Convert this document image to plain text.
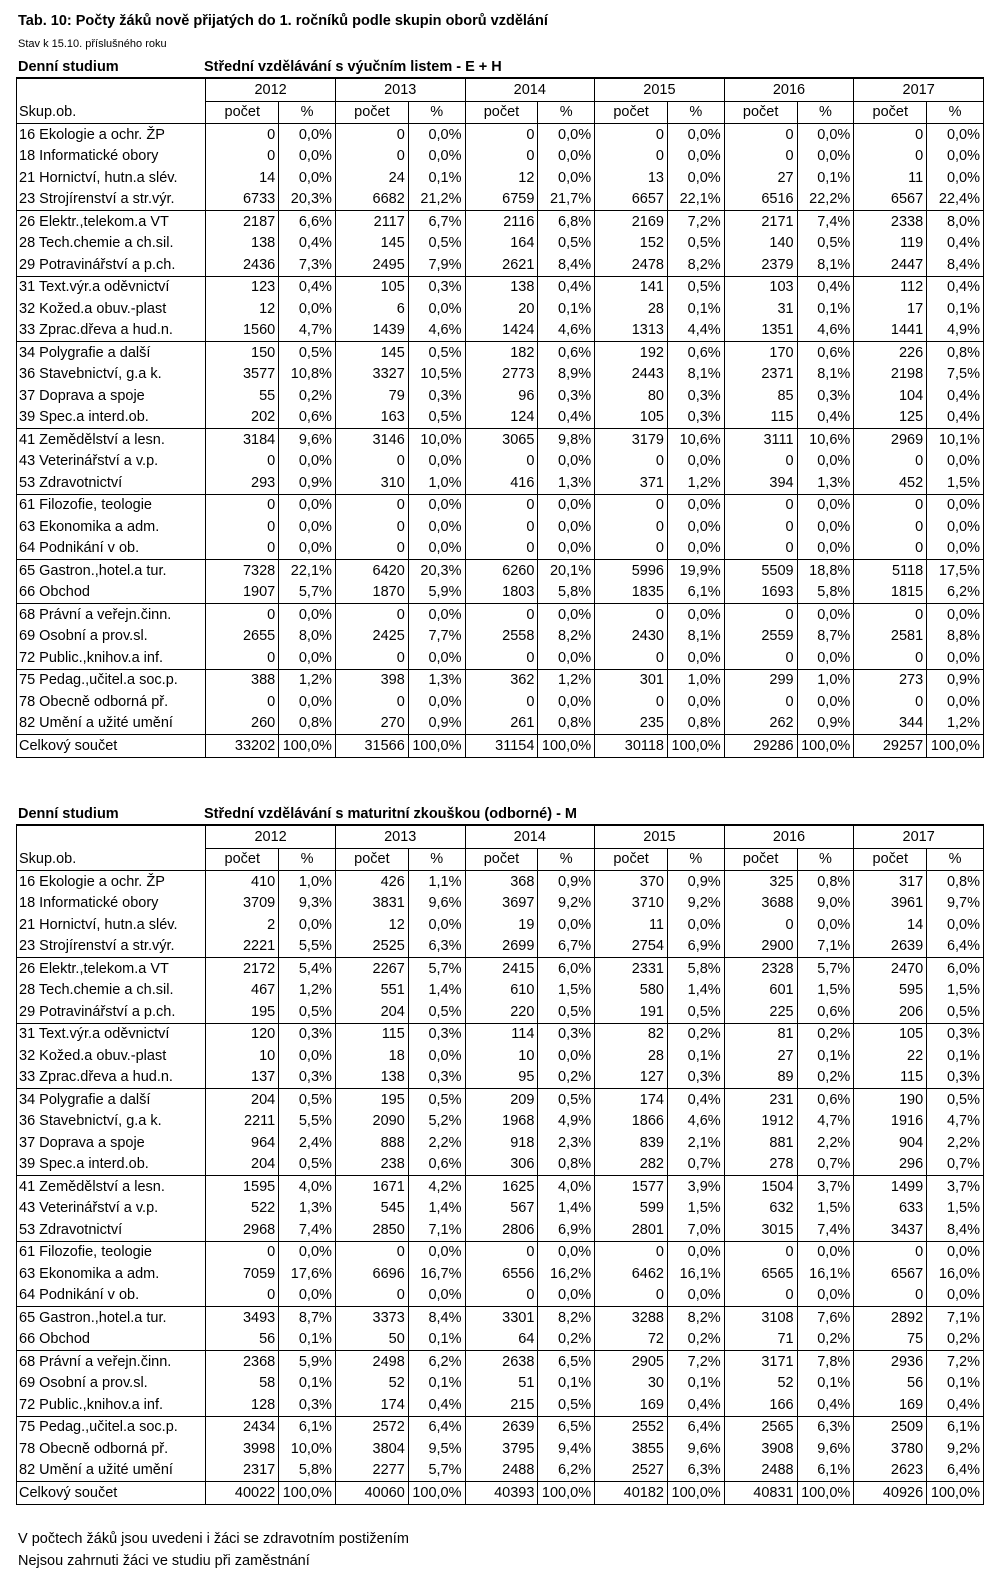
Tab. 10: Počty žáků nově přijatých do 1. ročníků podle skupin oborů vzdělání
Stav k 15.10. příslušného roku
Denní studium	Střední vzdělávání s výučním listem - E + H
	2012		2013		2014		2015		2016		2017	
Skup.ob.	počet	%	počet	%	počet	%	počet	%	počet	%	počet	%
16 Ekologie a ochr. ŽP	0	0,0%	0	0,0%	0	0,0%	0	0,0%	0	0,0%	0	0,0%
18 Informatické obory	0	0,0%	0	0,0%	0	0,0%	0	0,0%	0	0,0%	0	0,0%
21 Hornictví, hutn.a slév.	14	0,0%	24	0,1%	12	0,0%	13	0,0%	27	0,1%	11	0,0%
23 Strojírenství a str.výr.	6733	20,3%	6682	21,2%	6759	21,7%	6657	22,1%	6516	22,2%	6567	22,4%
26 Elektr.,telekom.a VT	2187	6,6%	2117	6,7%	2116	6,8%	2169	7,2%	2171	7,4%	2338	8,0%
28 Tech.chemie a ch.sil.	138	0,4%	145	0,5%	164	0,5%	152	0,5%	140	0,5%	119	0,4%
29 Potravinářství a p.ch.	2436	7,3%	2495	7,9%	2621	8,4%	2478	8,2%	2379	8,1%	2447	8,4%
31 Text.výr.a oděvnictví	123	0,4%	105	0,3%	138	0,4%	141	0,5%	103	0,4%	112	0,4%
32 Kožed.a obuv.-plast	12	0,0%	6	0,0%	20	0,1%	28	0,1%	31	0,1%	17	0,1%
33 Zprac.dřeva a hud.n.	1560	4,7%	1439	4,6%	1424	4,6%	1313	4,4%	1351	4,6%	1441	4,9%
34 Polygrafie a další	150	0,5%	145	0,5%	182	0,6%	192	0,6%	170	0,6%	226	0,8%
36 Stavebnictví, g.a k.	3577	10,8%	3327	10,5%	2773	8,9%	2443	8,1%	2371	8,1%	2198	7,5%
37 Doprava a spoje	55	0,2%	79	0,3%	96	0,3%	80	0,3%	85	0,3%	104	0,4%
39 Spec.a interd.ob.	202	0,6%	163	0,5%	124	0,4%	105	0,3%	115	0,4%	125	0,4%
41 Zemědělství a lesn.	3184	9,6%	3146	10,0%	3065	9,8%	3179	10,6%	3111	10,6%	2969	10,1%
43 Veterinářství a v.p.	0	0,0%	0	0,0%	0	0,0%	0	0,0%	0	0,0%	0	0,0%
53 Zdravotnictví	293	0,9%	310	1,0%	416	1,3%	371	1,2%	394	1,3%	452	1,5%
61 Filozofie, teologie	0	0,0%	0	0,0%	0	0,0%	0	0,0%	0	0,0%	0	0,0%
63 Ekonomika a adm.	0	0,0%	0	0,0%	0	0,0%	0	0,0%	0	0,0%	0	0,0%
64 Podnikání v ob.	0	0,0%	0	0,0%	0	0,0%	0	0,0%	0	0,0%	0	0,0%
65 Gastron.,hotel.a tur.	7328	22,1%	6420	20,3%	6260	20,1%	5996	19,9%	5509	18,8%	5118	17,5%
66 Obchod	1907	5,7%	1870	5,9%	1803	5,8%	1835	6,1%	1693	5,8%	1815	6,2%
68 Právní a veřejn.činn.	0	0,0%	0	0,0%	0	0,0%	0	0,0%	0	0,0%	0	0,0%
69 Osobní a prov.sl.	2655	8,0%	2425	7,7%	2558	8,2%	2430	8,1%	2559	8,7%	2581	8,8%
72 Public.,knihov.a inf.	0	0,0%	0	0,0%	0	0,0%	0	0,0%	0	0,0%	0	0,0%
75 Pedag.,učitel.a soc.p.	388	1,2%	398	1,3%	362	1,2%	301	1,0%	299	1,0%	273	0,9%
78 Obecně odborná př.	0	0,0%	0	0,0%	0	0,0%	0	0,0%	0	0,0%	0	0,0%
82 Umění a užité umění	260	0,8%	270	0,9%	261	0,8%	235	0,8%	262	0,9%	344	1,2%
Celkový součet	33202	100,0%	31566	100,0%	31154	100,0%	30118	100,0%	29286	100,0%	29257	100,0%
Denní studium	Střední vzdělávání s maturitní zkouškou (odborné) - M
	2012		2013		2014		2015		2016		2017	
Skup.ob.	počet	%	počet	%	počet	%	počet	%	počet	%	počet	%
16 Ekologie a ochr. ŽP	410	1,0%	426	1,1%	368	0,9%	370	0,9%	325	0,8%	317	0,8%
18 Informatické obory	3709	9,3%	3831	9,6%	3697	9,2%	3710	9,2%	3688	9,0%	3961	9,7%
21 Hornictví, hutn.a slév.	2	0,0%	12	0,0%	19	0,0%	11	0,0%	0	0,0%	14	0,0%
23 Strojírenství a str.výr.	2221	5,5%	2525	6,3%	2699	6,7%	2754	6,9%	2900	7,1%	2639	6,4%
26 Elektr.,telekom.a VT	2172	5,4%	2267	5,7%	2415	6,0%	2331	5,8%	2328	5,7%	2470	6,0%
28 Tech.chemie a ch.sil.	467	1,2%	551	1,4%	610	1,5%	580	1,4%	601	1,5%	595	1,5%
29 Potravinářství a p.ch.	195	0,5%	204	0,5%	220	0,5%	191	0,5%	225	0,6%	206	0,5%
31 Text.výr.a oděvnictví	120	0,3%	115	0,3%	114	0,3%	82	0,2%	81	0,2%	105	0,3%
32 Kožed.a obuv.-plast	10	0,0%	18	0,0%	10	0,0%	28	0,1%	27	0,1%	22	0,1%
33 Zprac.dřeva a hud.n.	137	0,3%	138	0,3%	95	0,2%	127	0,3%	89	0,2%	115	0,3%
34 Polygrafie a další	204	0,5%	195	0,5%	209	0,5%	174	0,4%	231	0,6%	190	0,5%
36 Stavebnictví, g.a k.	2211	5,5%	2090	5,2%	1968	4,9%	1866	4,6%	1912	4,7%	1916	4,7%
37 Doprava a spoje	964	2,4%	888	2,2%	918	2,3%	839	2,1%	881	2,2%	904	2,2%
39 Spec.a interd.ob.	204	0,5%	238	0,6%	306	0,8%	282	0,7%	278	0,7%	296	0,7%
41 Zemědělství a lesn.	1595	4,0%	1671	4,2%	1625	4,0%	1577	3,9%	1504	3,7%	1499	3,7%
43 Veterinářství a v.p.	522	1,3%	545	1,4%	567	1,4%	599	1,5%	632	1,5%	633	1,5%
53 Zdravotnictví	2968	7,4%	2850	7,1%	2806	6,9%	2801	7,0%	3015	7,4%	3437	8,4%
61 Filozofie, teologie	0	0,0%	0	0,0%	0	0,0%	0	0,0%	0	0,0%	0	0,0%
63 Ekonomika a adm.	7059	17,6%	6696	16,7%	6556	16,2%	6462	16,1%	6565	16,1%	6567	16,0%
64 Podnikání v ob.	0	0,0%	0	0,0%	0	0,0%	0	0,0%	0	0,0%	0	0,0%
65 Gastron.,hotel.a tur.	3493	8,7%	3373	8,4%	3301	8,2%	3288	8,2%	3108	7,6%	2892	7,1%
66 Obchod	56	0,1%	50	0,1%	64	0,2%	72	0,2%	71	0,2%	75	0,2%
68 Právní a veřejn.činn.	2368	5,9%	2498	6,2%	2638	6,5%	2905	7,2%	3171	7,8%	2936	7,2%
69 Osobní a prov.sl.	58	0,1%	52	0,1%	51	0,1%	30	0,1%	52	0,1%	56	0,1%
72 Public.,knihov.a inf.	128	0,3%	174	0,4%	215	0,5%	169	0,4%	166	0,4%	169	0,4%
75 Pedag.,učitel.a soc.p.	2434	6,1%	2572	6,4%	2639	6,5%	2552	6,4%	2565	6,3%	2509	6,1%
78 Obecně odborná př.	3998	10,0%	3804	9,5%	3795	9,4%	3855	9,6%	3908	9,6%	3780	9,2%
82 Umění a užité umění	2317	5,8%	2277	5,7%	2488	6,2%	2527	6,3%	2488	6,1%	2623	6,4%
Celkový součet	40022	100,0%	40060	100,0%	40393	100,0%	40182	100,0%	40831	100,0%	40926	100,0%
V počtech žáků jsou uvedeni i žáci se zdravotním postižením
Nejsou zahrnuti žáci ve studiu při zaměstnání
